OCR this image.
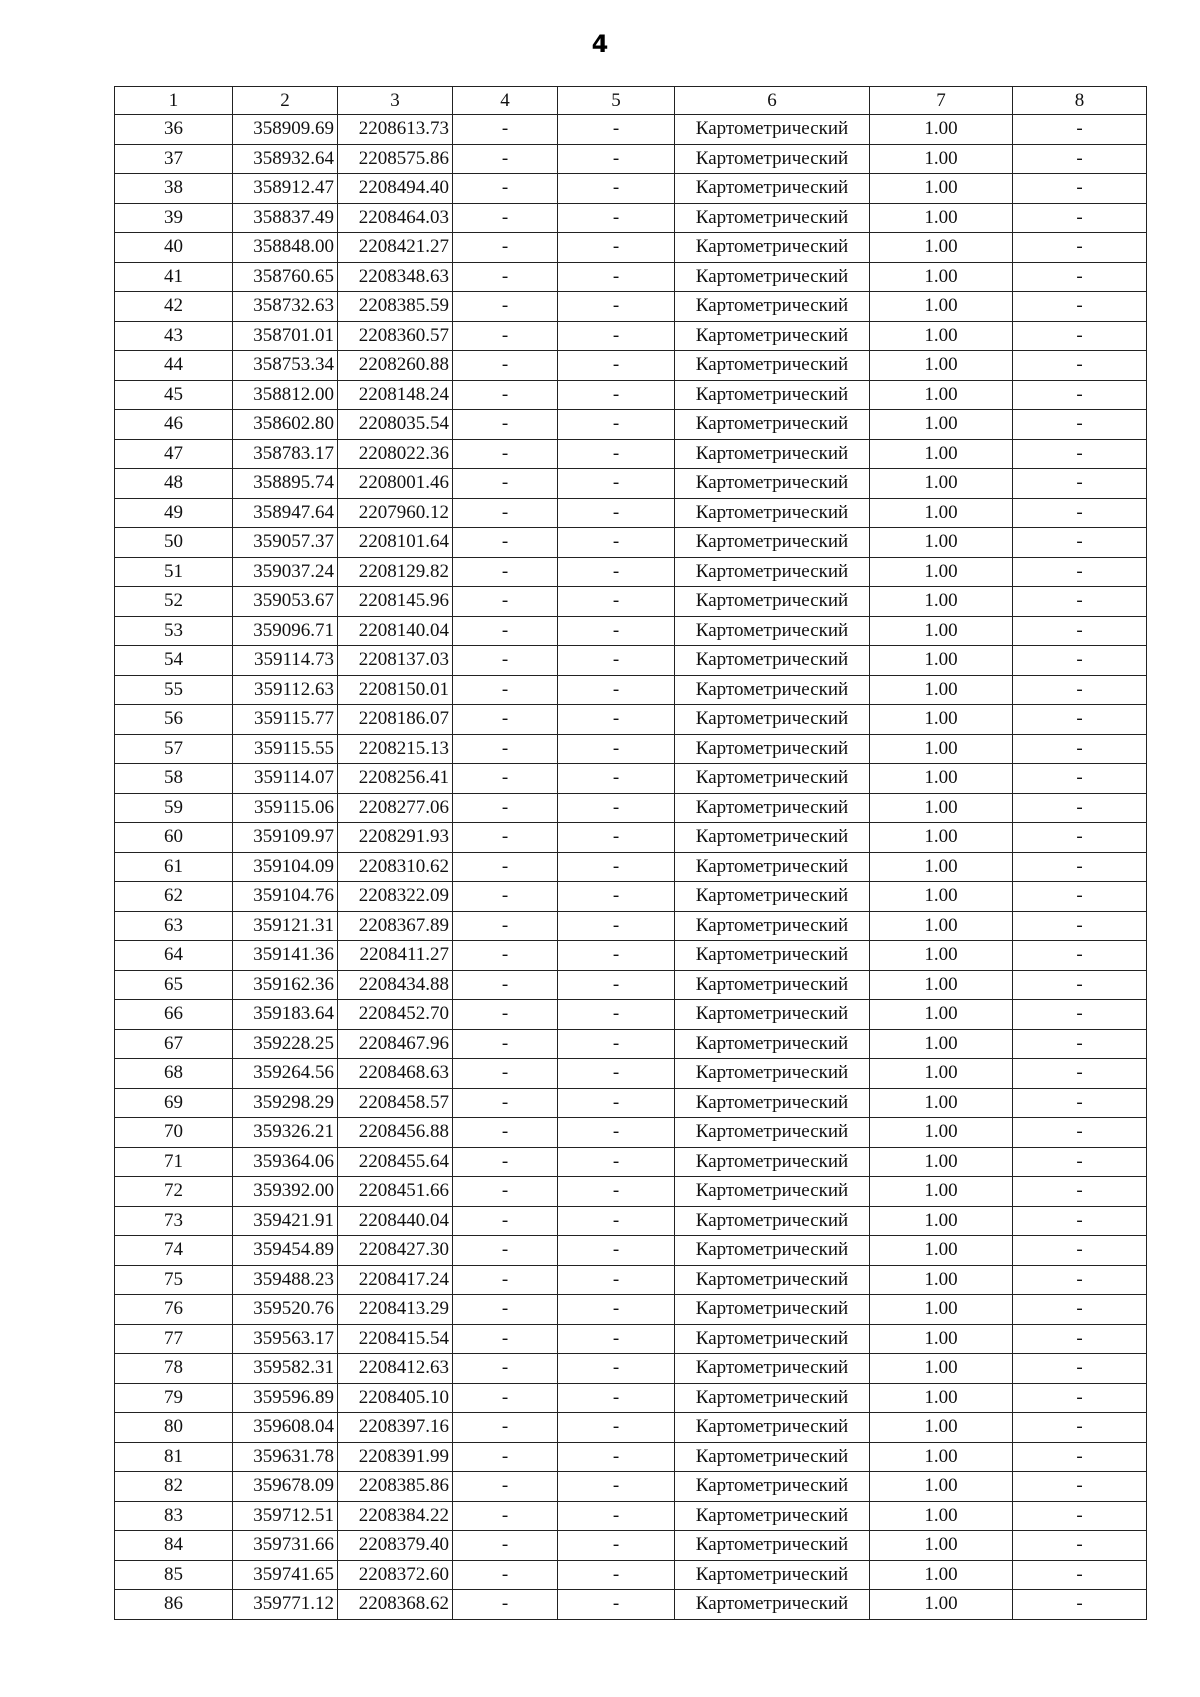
4
1	2	3	4	5	6	7	8
36	358909.69	2208613.73	-	-	Картометрический	1.00	-
37	358932.64	2208575.86	-	-	Картометрический	1.00	-
38	358912.47	2208494.40	-	-	Картометрический	1.00	-
39	358837.49	2208464.03	-	-	Картометрический	1.00	-
40	358848.00	2208421.27	-	-	Картометрический	1.00	-
41	358760.65	2208348.63	-	-	Картометрический	1.00	-
42	358732.63	2208385.59	-	-	Картометрический	1.00	-
43	358701.01	2208360.57	-	-	Картометрический	1.00	-
44	358753.34	2208260.88	-	-	Картометрический	1.00	-
45	358812.00	2208148.24	-	-	Картометрический	1.00	-
46	358602.80	2208035.54	-	-	Картометрический	1.00	-
47	358783.17	2208022.36	-	-	Картометрический	1.00	-
48	358895.74	2208001.46	-	-	Картометрический	1.00	-
49	358947.64	2207960.12	-	-	Картометрический	1.00	-
50	359057.37	2208101.64	-	-	Картометрический	1.00	-
51	359037.24	2208129.82	-	-	Картометрический	1.00	-
52	359053.67	2208145.96	-	-	Картометрический	1.00	-
53	359096.71	2208140.04	-	-	Картометрический	1.00	-
54	359114.73	2208137.03	-	-	Картометрический	1.00	-
55	359112.63	2208150.01	-	-	Картометрический	1.00	-
56	359115.77	2208186.07	-	-	Картометрический	1.00	-
57	359115.55	2208215.13	-	-	Картометрический	1.00	-
58	359114.07	2208256.41	-	-	Картометрический	1.00	-
59	359115.06	2208277.06	-	-	Картометрический	1.00	-
60	359109.97	2208291.93	-	-	Картометрический	1.00	-
61	359104.09	2208310.62	-	-	Картометрический	1.00	-
62	359104.76	2208322.09	-	-	Картометрический	1.00	-
63	359121.31	2208367.89	-	-	Картометрический	1.00	-
64	359141.36	2208411.27	-	-	Картометрический	1.00	-
65	359162.36	2208434.88	-	-	Картометрический	1.00	-
66	359183.64	2208452.70	-	-	Картометрический	1.00	-
67	359228.25	2208467.96	-	-	Картометрический	1.00	-
68	359264.56	2208468.63	-	-	Картометрический	1.00	-
69	359298.29	2208458.57	-	-	Картометрический	1.00	-
70	359326.21	2208456.88	-	-	Картометрический	1.00	-
71	359364.06	2208455.64	-	-	Картометрический	1.00	-
72	359392.00	2208451.66	-	-	Картометрический	1.00	-
73	359421.91	2208440.04	-	-	Картометрический	1.00	-
74	359454.89	2208427.30	-	-	Картометрический	1.00	-
75	359488.23	2208417.24	-	-	Картометрический	1.00	-
76	359520.76	2208413.29	-	-	Картометрический	1.00	-
77	359563.17	2208415.54	-	-	Картометрический	1.00	-
78	359582.31	2208412.63	-	-	Картометрический	1.00	-
79	359596.89	2208405.10	-	-	Картометрический	1.00	-
80	359608.04	2208397.16	-	-	Картометрический	1.00	-
81	359631.78	2208391.99	-	-	Картометрический	1.00	-
82	359678.09	2208385.86	-	-	Картометрический	1.00	-
83	359712.51	2208384.22	-	-	Картометрический	1.00	-
84	359731.66	2208379.40	-	-	Картометрический	1.00	-
85	359741.65	2208372.60	-	-	Картометрический	1.00	-
86	359771.12	2208368.62	-	-	Картометрический	1.00	-
